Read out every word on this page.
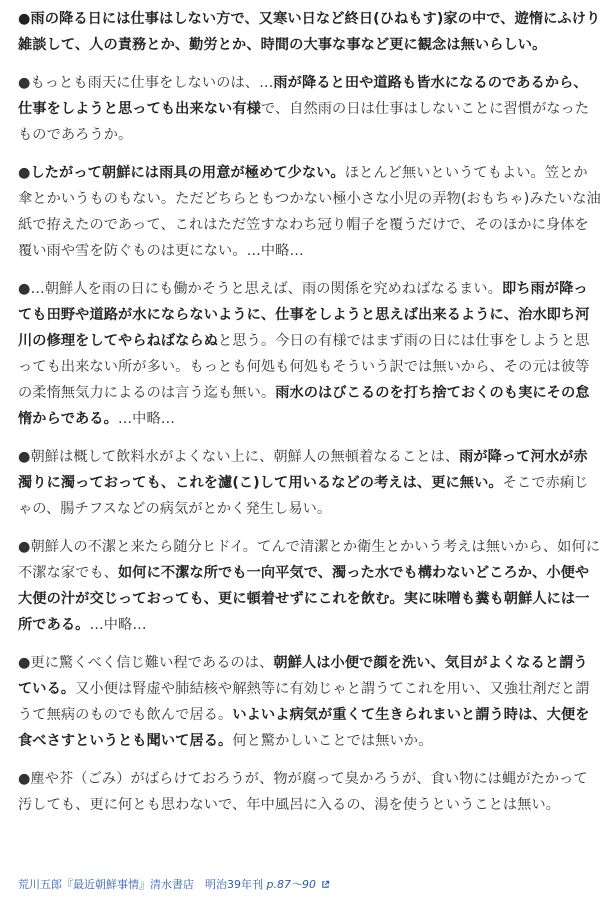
●雨の降る日には仕事はしない方で、又寒い日など終日(ひねもす)家の中で、遊惰にふけり雑談して、人の責務とか、勤労とか、時間の大事な事など更に観念は無いらしい。

●もっとも雨天に仕事をしないのは、…雨が降ると田や道路も皆水になるのであるから、仕事をしようと思っても出来ない有様で、自然雨の日は仕事はしないことに習慣がなったものであろうか。

●したがって朝鮮には雨具の用意が極めて少ない。ほとんど無いというてもよい。笠とか傘とかいうものもない。ただどちらともつかない極小さな小児の弄物(おもちゃ)みたいな油紙で拵えたのであって、これはただ笠すなわち冠り帽子を覆うだけで、そのほかに身体を覆い雨や雪を防ぐものは更にない。…中略…

●…朝鮮人を雨の日にも働かそうと思えば、雨の関係を究めねばなるまい。即ち雨が降っても田野や道路が水にならないように、仕事をしようと思えば出来るように、治水即ち河川の修理をしてやらねばならぬと思う。今日の有様ではまず雨の日には仕事をしようと思っても出来ない所が多い。もっとも何処も何処もそういう訳では無いから、その元は彼等の柔惰無気力によるのは言う迄も無い。雨水のはびこるのを打ち捨ておくのも実にその怠惰からである。…中略…

●朝鮮は概して飲料水がよくない上に、朝鮮人の無頓着なることは、雨が降って河水が赤濁りに濁っておっても、これを濾(こ)して用いるなどの考えは、更に無い。そこで赤痢じゃの、腸チフスなどの病気がとかく発生し易い。

●朝鮮人の不潔と来たら随分ヒドイ。てんで清潔とか衛生とかいう考えは無いから、如何に不潔な家でも、如何に不潔な所でも一向平気で、濁った水でも構わないどころか、小便や大便の汁が交じっておっても、更に頓着せずにこれを飲む。実に味噌も糞も朝鮮人には一所である。…中略…

●更に驚くべく信じ難い程であるのは、朝鮮人は小便で顔を洗い、気目がよくなると謂うている。又小便は腎虚や肺結核や解熱等に有効じゃと謂うてこれを用い、又強壮剤だと謂うて無病のものでも飲んで居る。いよいよ病気が重くて生きられまいと謂う時は、大便を食べさすというとも聞いて居る。何と驚かしいことでは無いか。

●塵や芥（ごみ）がばらけておろうが、物が腐って臭かろうが、食い物には蝿がたかって汚しても、更に何とも思わないで、年中風呂に入るの、湯を使うということは無い。

荒川五郎『最近朝鮮事情』清水書店　明治39年刊 p.87〜90
